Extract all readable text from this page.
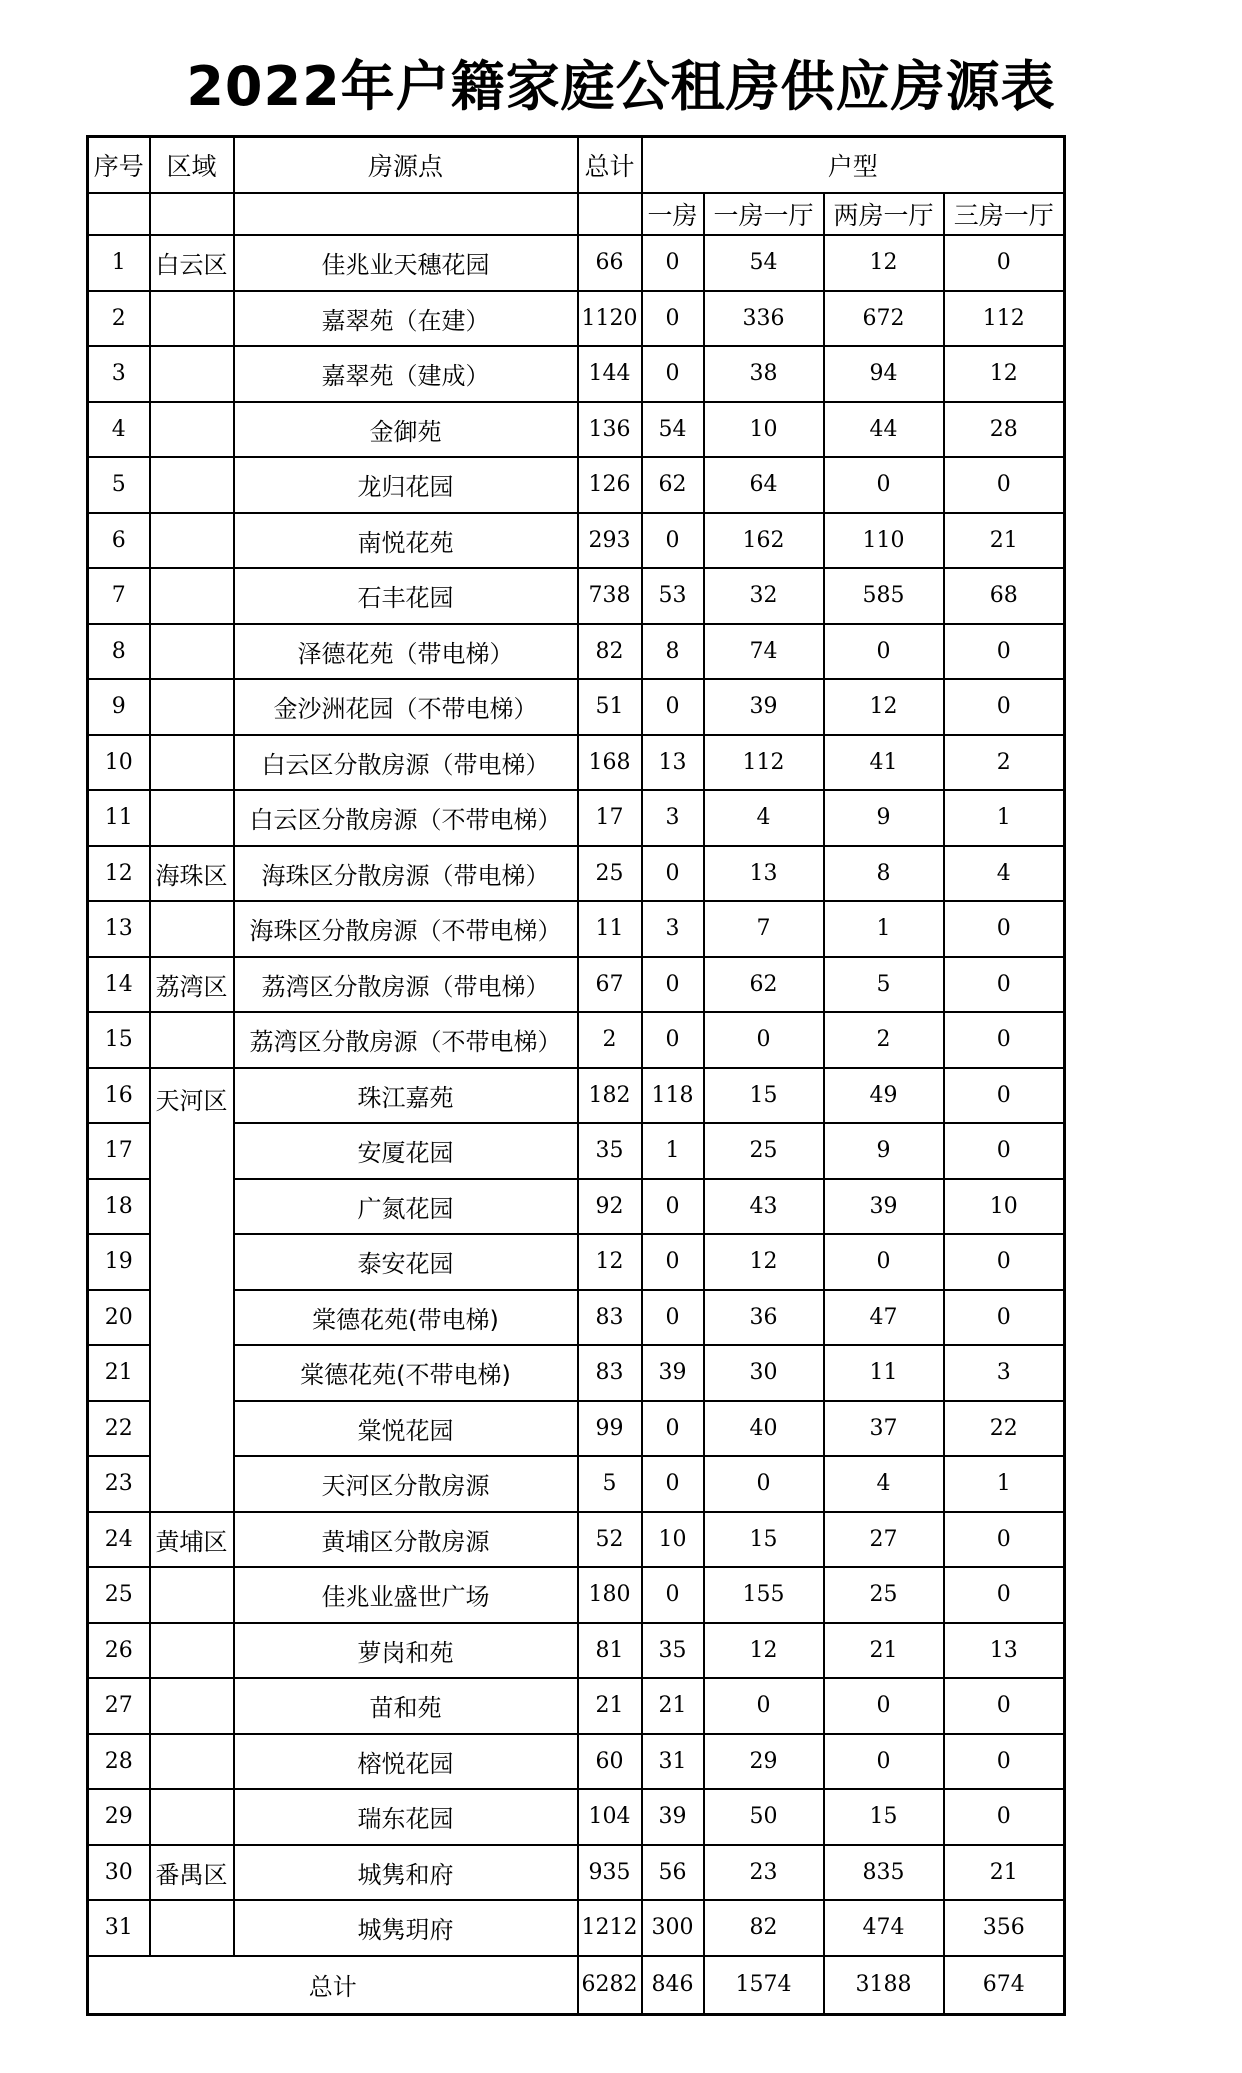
2022年户籍家庭公租房供应房源表
序号	区域	房源点	总计	户型			
				一房	一房一厅	两房一厅	三房一厅
1	白云区	佳兆业天穗花园	66	0	54	12	0
2		嘉翠苑（在建）	1120	0	336	672	112
3		嘉翠苑（建成）	144	0	38	94	12
4		金御苑	136	54	10	44	28
5		龙归花园	126	62	64	0	0
6		南悦花苑	293	0	162	110	21
7		石丰花园	738	53	32	585	68
8		泽德花苑（带电梯）	82	8	74	0	0
9		金沙洲花园（不带电梯）	51	0	39	12	0
10		白云区分散房源（带电梯）	168	13	112	41	2
11		白云区分散房源（不带电梯）	17	3	4	9	1
12	海珠区	海珠区分散房源（带电梯）	25	0	13	8	4
13		海珠区分散房源（不带电梯）	11	3	7	1	0
14	荔湾区	荔湾区分散房源（带电梯）	67	0	62	5	0
15		荔湾区分散房源（不带电梯）	2	0	0	2	0
16	天河区	珠江嘉苑	182	118	15	49	0
17		安厦花园	35	1	25	9	0
18		广氮花园	92	0	43	39	10
19		泰安花园	12	0	12	0	0
20		棠德花苑(带电梯)	83	0	36	47	0
21		棠德花苑(不带电梯)	83	39	30	11	3
22		棠悦花园	99	0	40	37	22
23		天河区分散房源	5	0	0	4	1
24	黄埔区	黄埔区分散房源	52	10	15	27	0
25		佳兆业盛世广场	180	0	155	25	0
26		萝岗和苑	81	35	12	21	13
27		苗和苑	21	21	0	0	0
28		榕悦花园	60	31	29	0	0
29		瑞东花园	104	39	50	15	0
30	番禺区	城隽和府	935	56	23	835	21
31		城隽玥府	1212	300	82	474	356
总计			6282	846	1574	3188	674
